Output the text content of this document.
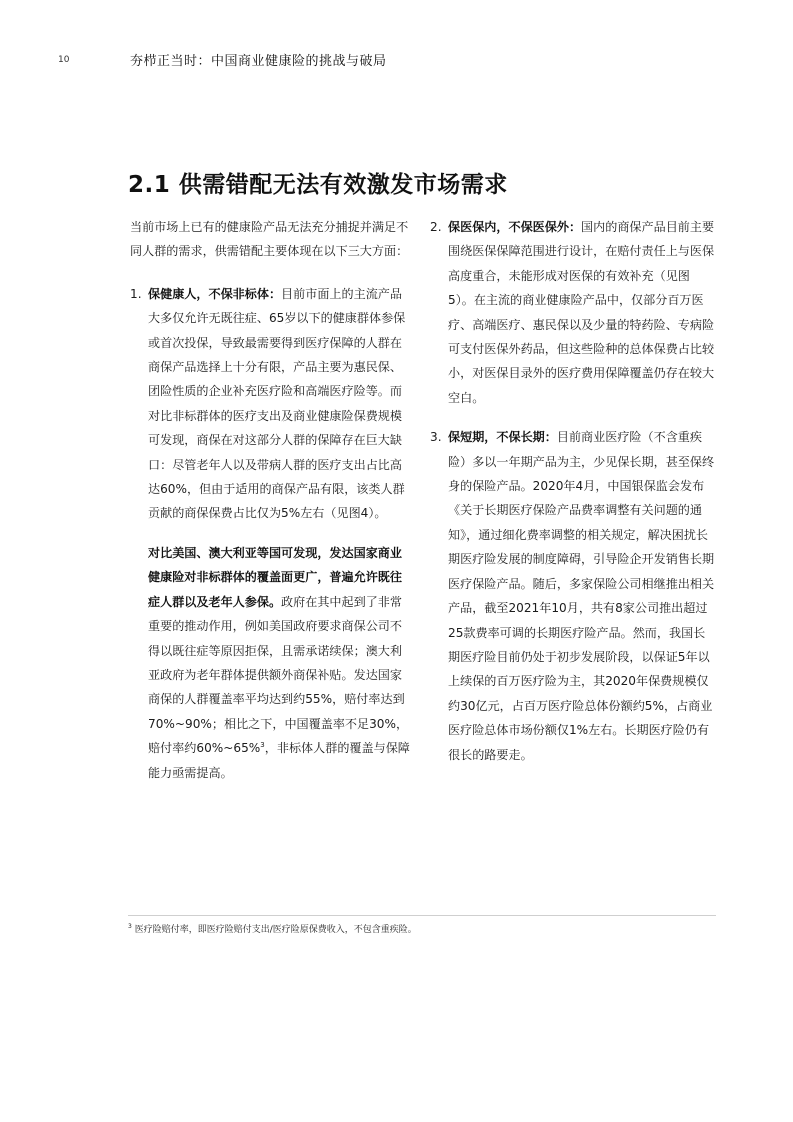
10	夯栉正当时：中国商业健康险的挑战与破局
2.1 供需错配无法有效激发市场需求

当前市场上已有的健康险产品无法充分捕捉并满足不同人群的需求，供需错配主要体现在以下三大方面：

1. 保健康人，不保非标体：目前市面上的主流产品大多仅允许无既往症、65岁以下的健康群体参保或首次投保，导致最需要得到医疗保障的人群在商保产品选择上十分有限，产品主要为惠民保、团险性质的企业补充医疗险和高端医疗险等。而对比非标群体的医疗支出及商业健康险保费规模可发现，商保在对这部分人群的保障存在巨大缺口：尽管老年人以及带病人群的医疗支出占比高达60%，但由于适用的商保产品有限，该类人群贡献的商保保费占比仅为5%左右（见图4）。

对比美国、澳大利亚等国可发现，发达国家商业健康险对非标群体的覆盖面更广，普遍允许既往症人群以及老年人参保。政府在其中起到了非常重要的推动作用，例如美国政府要求商保公司不得以既往症等原因拒保，且需承诺续保；澳大利亚政府为老年群体提供额外商保补贴。发达国家商保的人群覆盖率平均达到约55%，赔付率达到70%~90%；相比之下，中国覆盖率不足30%，赔付率约60%~65%$^3$，非标体人群的覆盖与保障能力亟需提高。

2. 保医保内，不保医保外：国内的商保产品目前主要围绕医保保障范围进行设计，在赔付责任上与医保高度重合，未能形成对医保的有效补充（见图5）。在主流的商业健康险产品中，仅部分百万医疗、高端医疗、惠民保以及少量的特药险、专病险可支付医保外药品，但这些险种的总体保费占比较小，对医保目录外的医疗费用保障覆盖仍存在较大空白。

3. 保短期，不保长期：目前商业医疗险（不含重疾险）多以一年期产品为主，少见保长期，甚至保终身的保险产品。2020年4月，中国银保监会发布《关于长期医疗保险产品费率调整有关问题的通知》，通过细化费率调整的相关规定，解决困扰长期医疗险发展的制度障碍，引导险企开发销售长期医疗保险产品。随后，多家保险公司相继推出相关产品，截至2021年10月，共有8家公司推出超过25款费率可调的长期医疗险产品。然而，我国长期医疗险目前仍处于初步发展阶段，以保证5年以上续保的百万医疗险为主，其2020年保费规模仅约30亿元，占百万医疗险总体份额约5%，占商业医疗险总体市场份额仅1%左右。长期医疗险仍有很长的路要走。

$^3$ 医疗险赔付率，即医疗险赔付支出/医疗险原保费收入，不包含重疾险。
